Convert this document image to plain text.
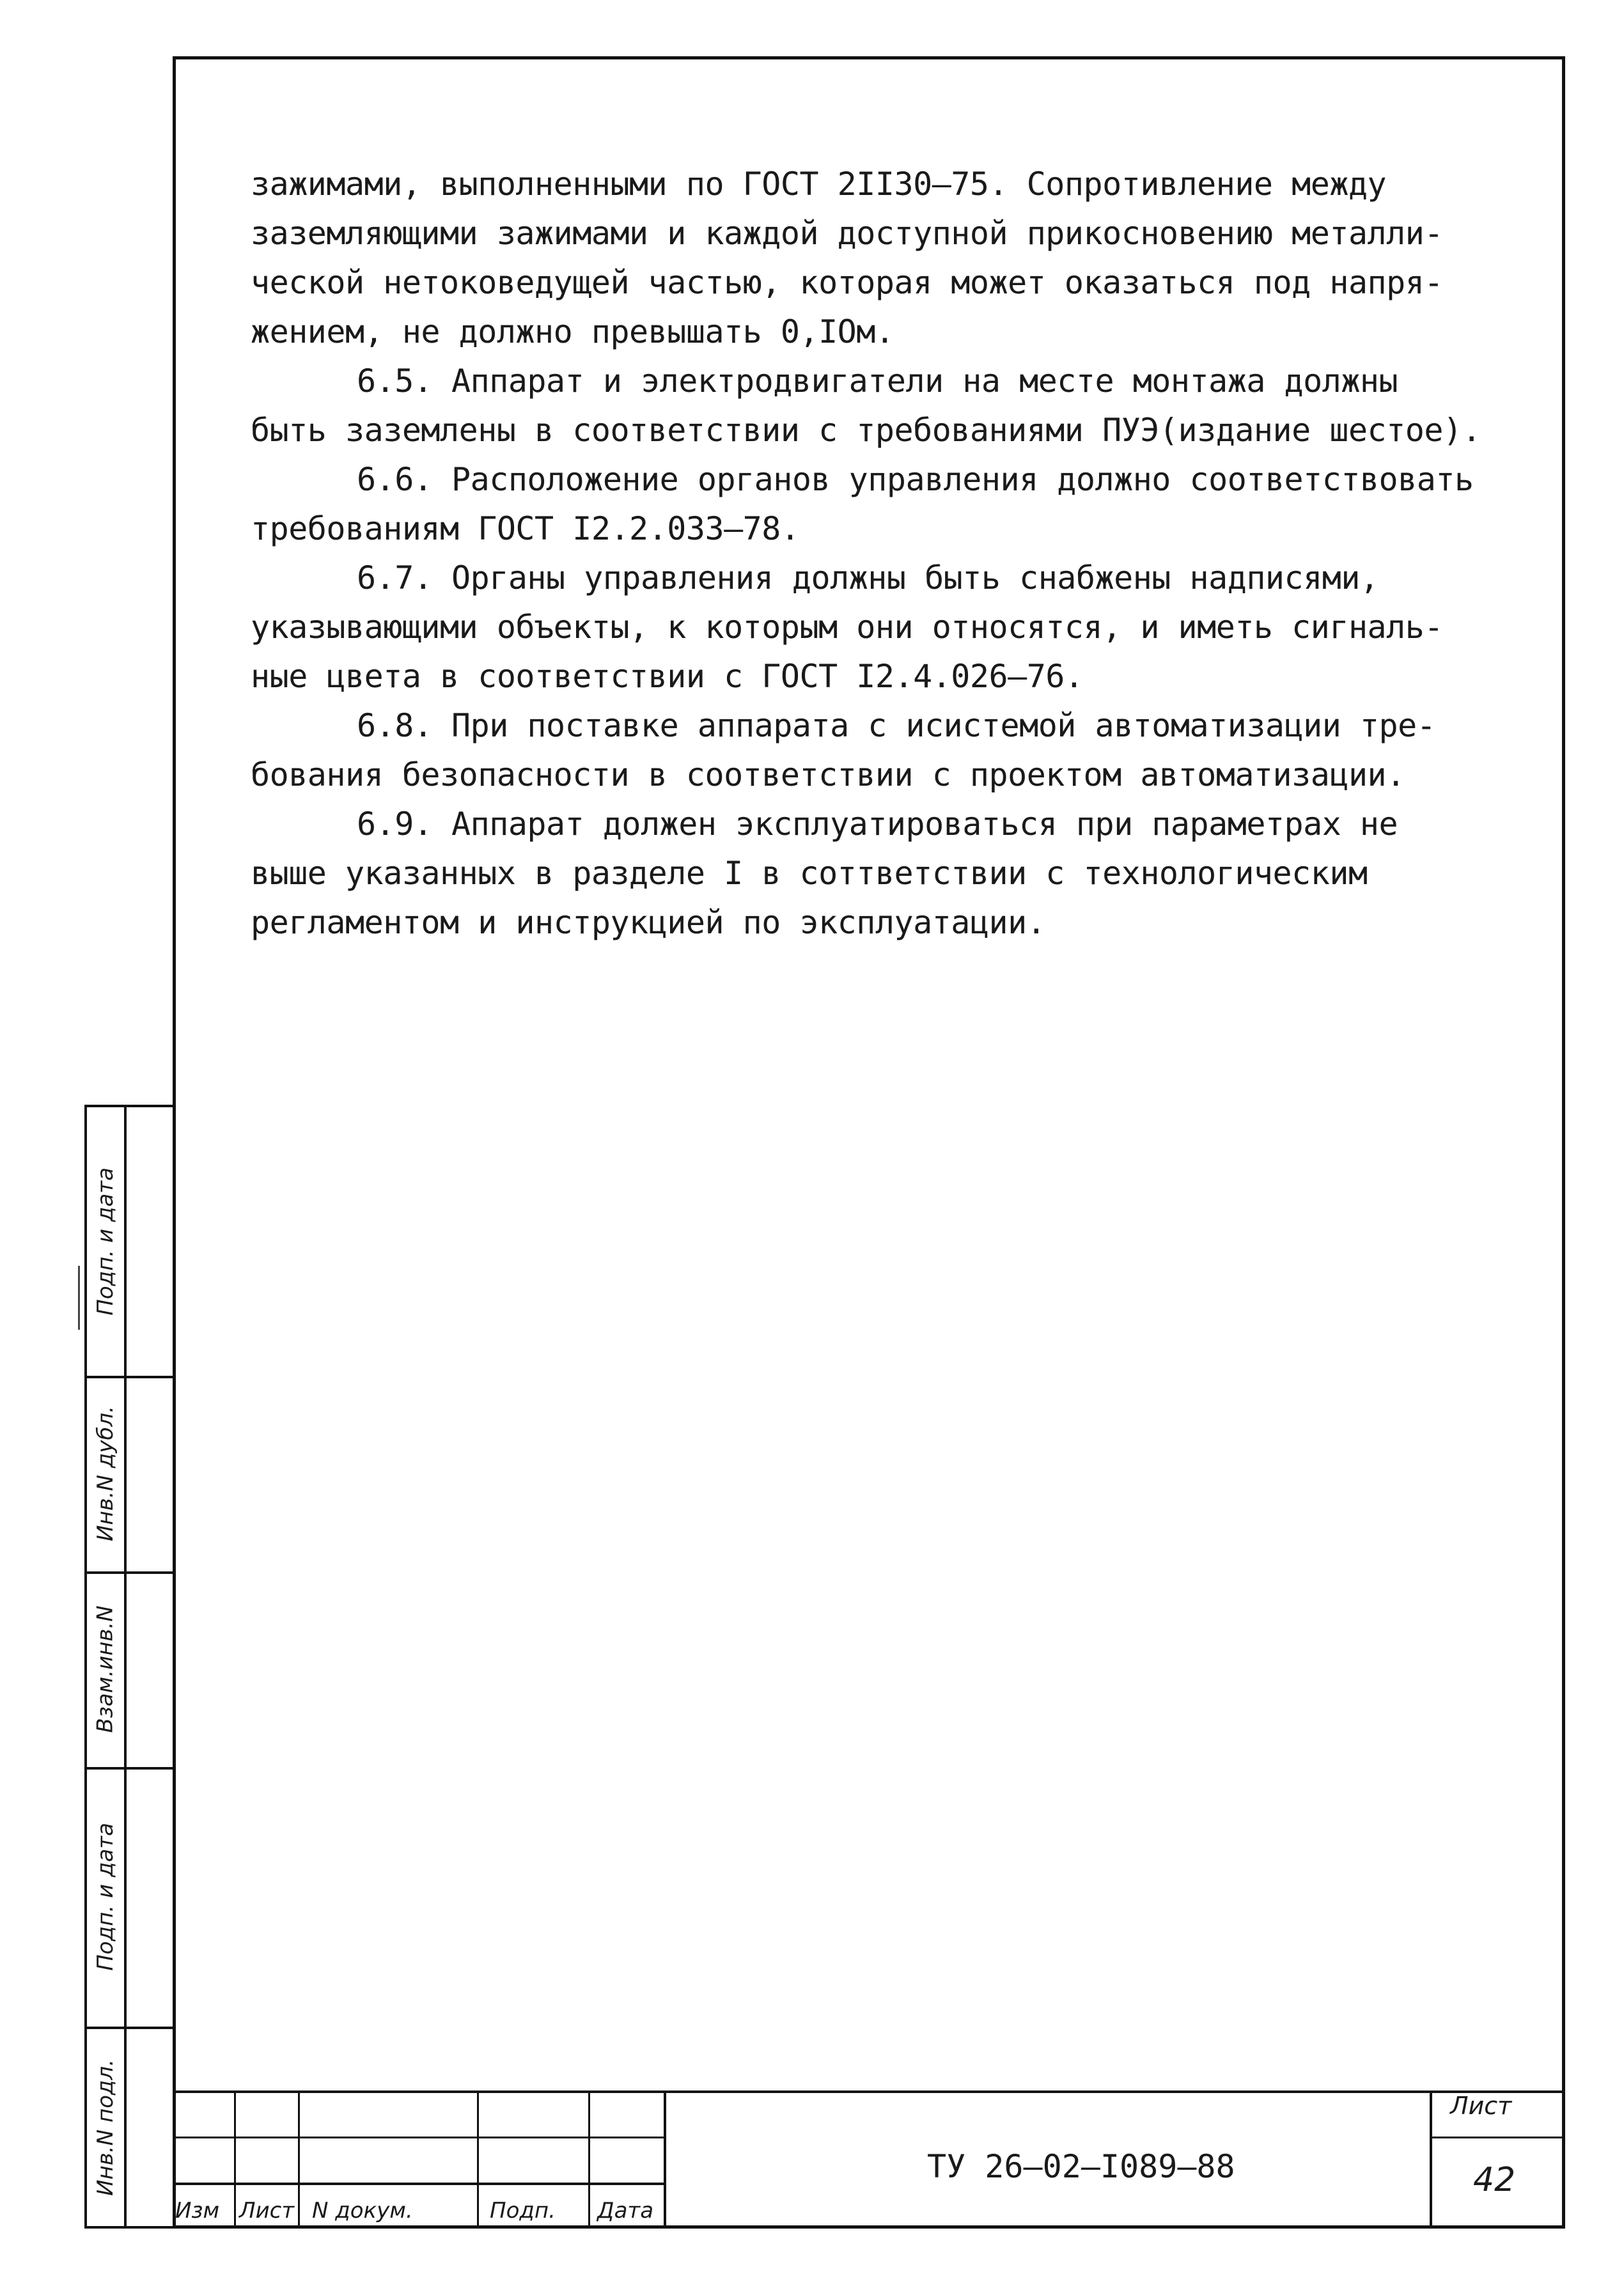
зажимами, выполненными по ГОСТ 2II30–75. Сопротивление между
заземляющими зажимами и каждой доступной прикосновению металли-
ческой нетоковедущей частью, которая может оказаться под напря-
жением, не должно превышать 0,IОм.
6.5. Аппарат и электродвигатели на месте монтажа должны
быть заземлены в соответствии с требованиями ПУЭ(издание шестое).
6.6. Расположение органов управления должно соответствовать
требованиям ГОСТ I2.2.033–78.
6.7. Органы управления должны быть снабжены надписями,
указывающими объекты, к которым они относятся, и иметь сигналь-
ные цвета в соответствии с ГОСТ I2.4.026–76.
6.8. При поставке аппарата с исистемой автоматизации тре-
бования безопасности в соответствии с проектом автоматизации.
6.9. Аппарат должен эксплуатироваться при параметрах не
выше указанных в разделе I в соттветствии с технологическим
регламентом и инструкцией по эксплуатации.
Подп. и дата
Инв.N дубл.
Взам.инв.N
Подп. и дата
Инв.N подл.
Изм Лист N докум.	Подп. Дата
ТУ 26–02–I089–88
Лист
42
